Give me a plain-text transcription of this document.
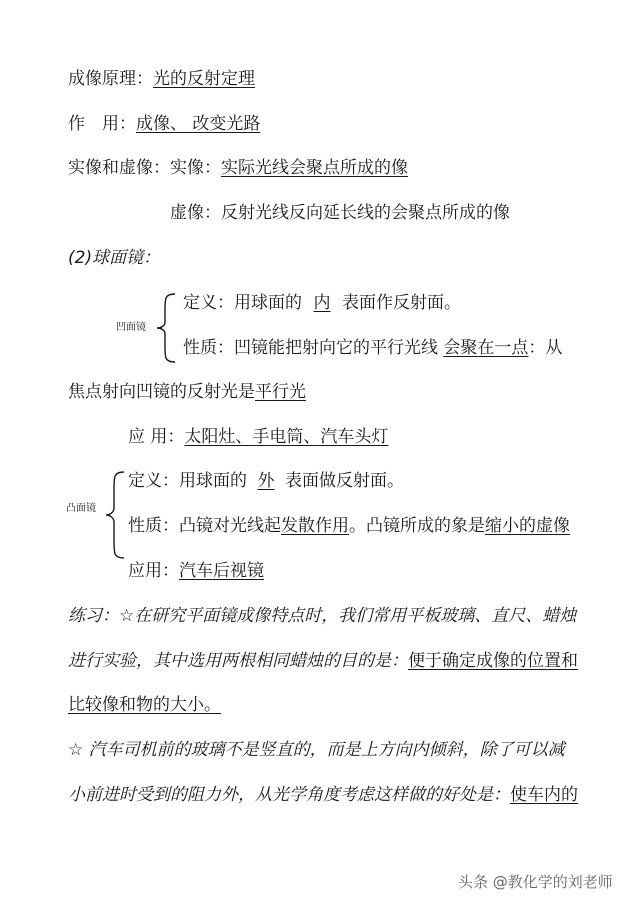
成像原理：光的反射定理
作　用：成像、 改变光路
实像和虚像：实像：实际光线会聚点所成的像
虚像：反射光线反向延长线的会聚点所成的像
(2)球面镜：
凹面镜
定义：用球面的 内 表面作反射面。
性质：凹镜能把射向它的平行光线 会聚在一点：从
焦点射向凹镜的反射光是平行光
应 用：太阳灶、手电筒、汽车头灯
凸面镜
定义：用球面的 外 表面做反射面。
性质：凸镜对光线起发散作用。凸镜所成的象是缩小的虚像
应用：汽车后视镜
练习：☆在研究平面镜成像特点时，我们常用平板玻璃、直尺、蜡烛
进行实验，其中选用两根相同蜡烛的目的是：便于确定成像的位置和
比较像和物的大小。
☆ 汽车司机前的玻璃不是竖直的，而是上方向内倾斜，除了可以减
小前进时受到的阻力外，从光学角度考虑这样做的好处是：使车内的
头条 @教化学的刘老师
